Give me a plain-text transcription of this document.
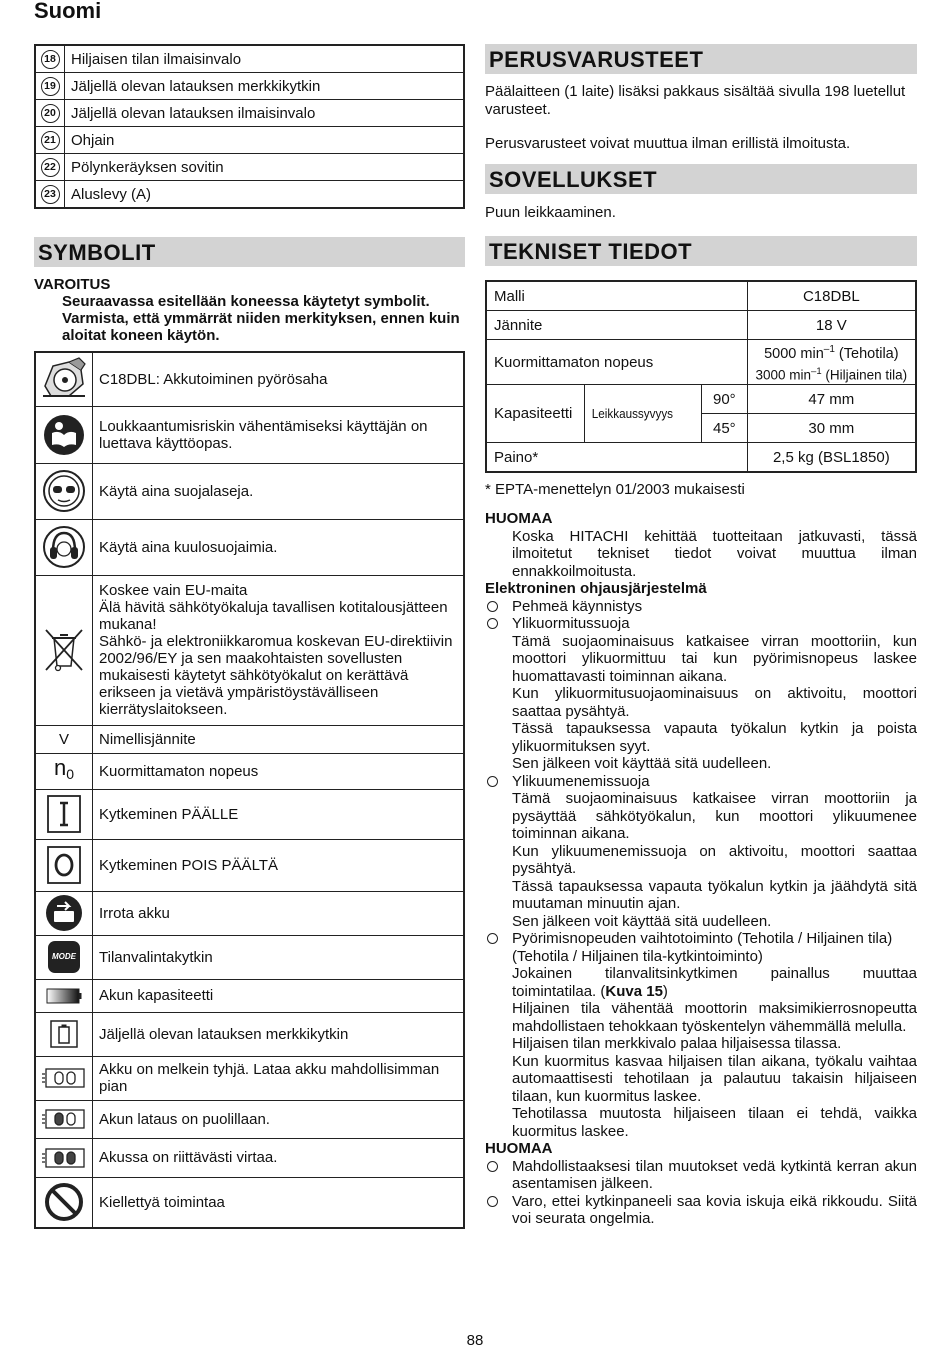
Suomi
18	Hiljaisen tilan ilmaisinvalo
19	Jäljellä olevan latauksen merkkikytkin
20	Jäljellä olevan latauksen ilmaisinvalo
21	Ohjain
22	Pölynkeräyksen sovitin
23	Aluslevy (A)
SYMBOLIT
VAROITUS
Seuraavassa esitellään koneessa käytetyt symbolit. Varmista, että ymmärrät niiden merkityksen, ennen kuin aloitat koneen käytön.
	C18DBL: Akkutoiminen pyörösaha

	Loukkaantumisriskin vähentämiseksi käyttäjän on luettava käyttöopas.

	Käytä aina suojalaseja.

	Käytä aina kuulosuojaimia.

	Koskee vain EU-maita
Älä hävitä sähkötyökaluja tavallisen kotitalousjätteen mukana!
Sähkö- ja elektroniikkaromua koskevan EU-direktiivin 2002/96/EY ja sen maakohtaisten sovellusten mukaisesti käytetyt sähkötyökalut on kerättävä erikseen ja vietävä ympäristöystävälliseen kierrätyslaitokseen.
V	Nimellisjännite
$n_0$	Kuormittamaton nopeus

	Kytkeminen PÄÄLLE

	Kytkeminen POIS PÄÄLTÄ

	Irrota akku

MODE	Tilanvalintakytkin

	Akun kapasiteetti

	Jäljellä olevan latauksen merkkikytkin

	Akku on melkein tyhjä. Lataa akku mahdollisimman pian

	Akun lataus on puolillaan.

	Akussa on riittävästi virtaa.

	Kiellettyä toimintaa
PERUSVARUSTEET

Päälaitteen (1 laite) lisäksi pakkaus sisältää sivulla 198 luetellut varusteet.

Perusvarusteet voivat muuttua ilman erillistä ilmoitusta.

SOVELLUKSET

Puun leikkaaminen.

TEKNISET TIEDOT
Malli			C18DBL
Jännite			18 V
Kuormittamaton nopeus			5000 $\min^{-1}$ (Tehotila)
3000 $\min^{-1}$ (Hiljainen tila)

Kapasiteetti	Leikkaussyvyys	90°	47 mm
		45°	30 mm
Paino*			2,5 kg (BSL1850)

* EPTA-menettelyn 01/2003 mukaisesti

HUOMAA
Koska HITACHI kehittää tuotteitaan jatkuvasti, tässä ilmoitetut tekniset tiedot voivat muuttua ilman ennakkoilmoitusta.
Elektroninen ohjausjärjestelmä
Pehmeä käynnistys
Ylikuormitussuoja
Tämä suojaominaisuus katkaisee virran moottoriin, kun moottori ylikuormittuu tai kun pyörimisnopeus laskee huomattavasti toiminnan aikana.
Kun ylikuormitusuojaominaisuus on aktivoitu, moottori saattaa pysähtyä.
Tässä tapauksessa vapauta työkalun kytkin ja poista ylikuormituksen syyt.
Sen jälkeen voit käyttää sitä uudelleen.
Ylikuumenemissuoja
Tämä suojaominaisuus katkaisee virran moottoriin ja pysäyttää sähkötyökalun, kun moottori ylikuumenee toiminnan aikana.
Kun ylikuumenemissuoja on aktivoitu, moottori saattaa pysähtyä.
Tässä tapauksessa vapauta työkalun kytkin ja jäähdytä sitä muutaman minuutin ajan.
Sen jälkeen voit käyttää sitä uudelleen.
Pyörimisnopeuden vaihtotoiminto (Tehotila / Hiljainen tila)
(Tehotila / Hiljainen tila-kytkintoiminto)
Jokainen tilanvalitsinkytkimen painallus muuttaa toimintatilaa. (Kuva 15)
Hiljainen tila vähentää moottorin maksimikierrosnopeutta mahdollistaen tehokkaan työskentelyn vähemmällä melulla.
Hiljaisen tilan merkkivalo palaa hiljaisessa tilassa.
Kun kuormitus kasvaa hiljaisen tilan aikana, työkalu vaihtaa automaattisesti tehotilaan ja palautuu takaisin hiljaiseen tilaan, kun kuormitus laskee.
Tehotilassa muutosta hiljaiseen tilaan ei tehdä, vaikka kuormitus laskee.
HUOMAA
Mahdollistaaksesi tilan muutokset vedä kytkintä kerran akun asentamisen jälkeen.
Varo, ettei kytkinpaneeli saa kovia iskuja eikä rikkoudu. Siitä voi seurata ongelmia.
88
